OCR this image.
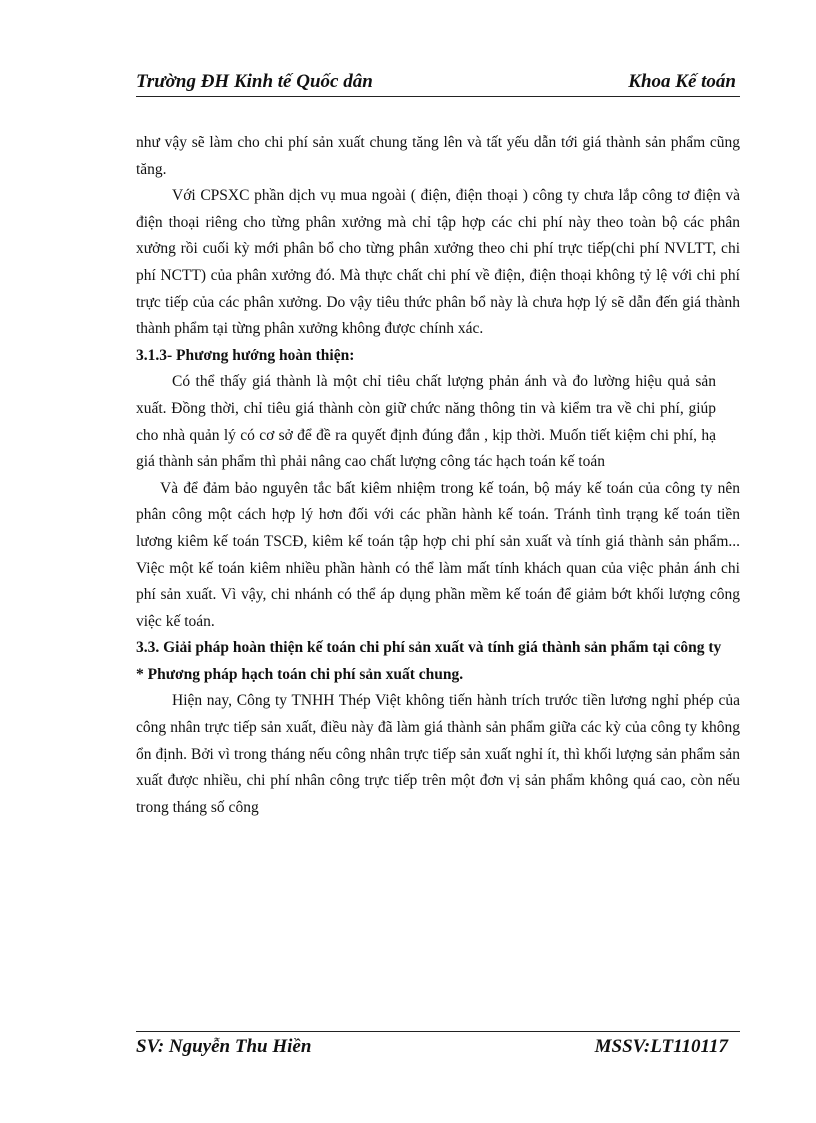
Trường ĐH Kinh tế Quốc dân	Khoa Kế toán

như vậy sẽ làm cho chi phí sản xuất chung tăng lên và tất yếu dẫn tới giá thành sản phẩm cũng tăng.

Với CPSXC phần dịch vụ mua ngoài ( điện, điện thoại ) công ty chưa lắp công tơ điện và điện thoại riêng cho từng phân xưởng mà chỉ tập hợp các chi phí này theo toàn bộ các phân xưởng rồi cuối kỳ mới phân bổ cho từng phân xưởng theo chi phí trực tiếp(chi phí NVLTT, chi phí NCTT) của phân xưởng đó. Mà thực chất chi phí về điện, điện thoại không tỷ lệ với chi phí trực tiếp của các phân xưởng. Do vậy tiêu thức phân bổ này là chưa hợp lý sẽ dẫn đến giá thành thành phẩm tại từng phân xưởng không được chính xác.

3.1.3- Phương hướng hoàn thiện:

Có thể thấy giá thành là một chỉ tiêu chất lượng phản ánh và đo lường hiệu quả sản xuất. Đồng thời, chỉ tiêu giá thành còn giữ chức năng thông tin và kiểm tra về chi phí, giúp cho nhà quản lý có cơ sở để đề ra quyết định đúng đắn , kịp thời. Muốn tiết kiệm chi phí, hạ giá thành sản phẩm thì phải nâng cao chất lượng công tác hạch toán kế toán

Và để đảm bảo nguyên tắc bất kiêm nhiệm trong kế toán, bộ máy kế toán của công ty nên phân công một cách hợp lý hơn đối với các phần hành kế toán. Tránh tình trạng kế toán tiền lương kiêm kế toán TSCĐ, kiêm kế toán tập hợp chi phí sản xuất và tính giá thành sản phẩm... Việc một kế toán kiêm nhiều phần hành có thể làm mất tính khách quan của việc phản ánh chi phí sản xuất. Vì vậy, chi nhánh có thể áp dụng phần mềm kế toán để giảm bớt khối lượng công việc kế toán.

3.3. Giải pháp hoàn thiện kế toán chi phí sản xuất và tính giá thành sản phẩm tại công ty

* Phương pháp hạch toán chi phí sản xuất chung.

Hiện nay, Công ty TNHH Thép Việt không tiến hành trích trước tiền lương nghỉ phép của công nhân trực tiếp sản xuất, điều này đã làm giá thành sản phẩm giữa các kỳ của công ty không ổn định. Bởi vì trong tháng nếu công nhân trực tiếp sản xuất nghỉ ít, thì khối lượng sản phẩm sản xuất được nhiều, chi phí nhân công trực tiếp trên một đơn vị sản phẩm không quá cao, còn nếu trong tháng số công

SV: Nguyễn Thu Hiền	MSSV:LT110117
